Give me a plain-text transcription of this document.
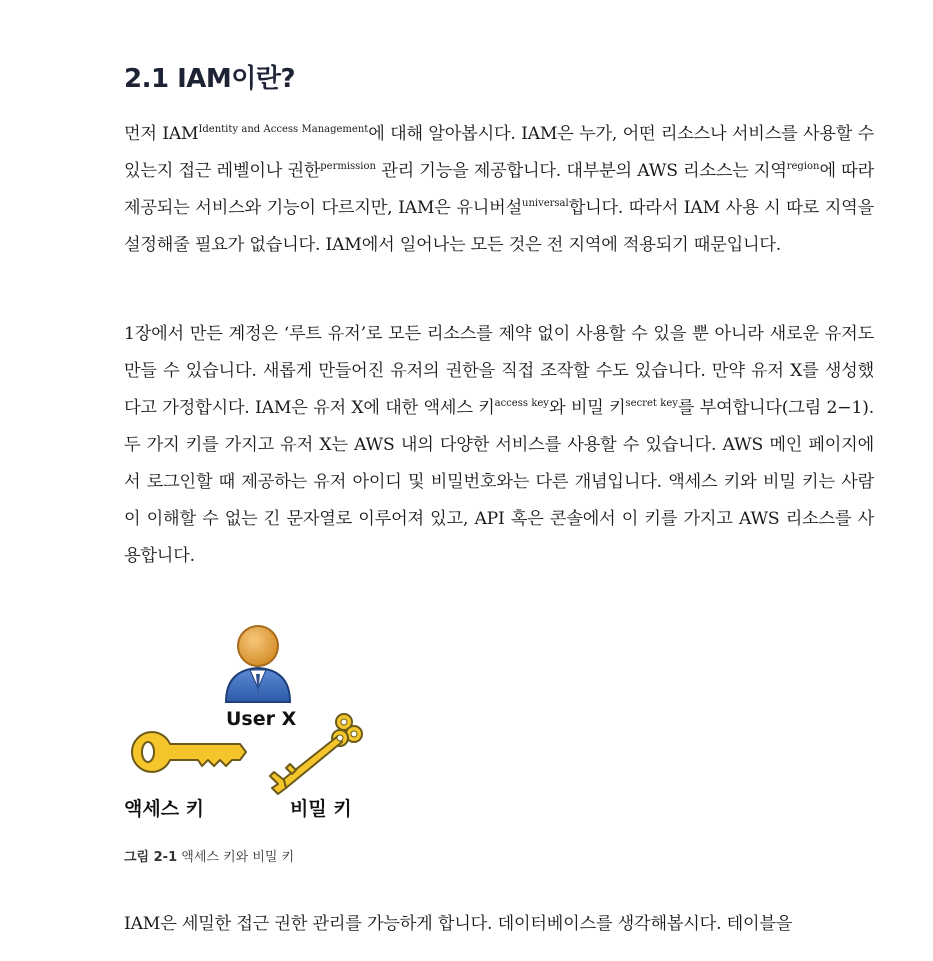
2.1 IAM이란?

먼저 $IAM^{Identity and Access Management}$에 대해 알아봅시다. IAM은 누가, 어떤 리소스나 서비스를 사용할 수 있는지 접근 레벨이나 권한$^{permission}$ 관리 기능을 제공합니다. 대부분의 AWS 리소스는 지역$^{region}$에 따라 제공되는 서비스와 기능이 다르지만, IAM은 유니버설$^{universal}$합니다. 따라서 IAM 사용 시 따로 지역을 설정해줄 필요가 없습니다. IAM에서 일어나는 모든 것은 전 지역에 적용되기 때문입니다.

1장에서 만든 계정은 ‘루트 유저’로 모든 리소스를 제약 없이 사용할 수 있을 뿐 아니라 새로운 유저도 만들 수 있습니다. 새롭게 만들어진 유저의 권한을 직접 조작할 수도 있습니다. 만약 유저 X를 생성했다고 가정합시다. IAM은 유저 X에 대한 액세스 키$^{access key}$와 비밀 키$^{secret key}$를 부여합니다(그림 2−1). 두 가지 키를 가지고 유저 X는 AWS 내의 다양한 서비스를 사용할 수 있습니다. AWS 메인 페이지에서 로그인할 때 제공하는 유저 아이디 및 비밀번호와는 다른 개념입니다. 액세스 키와 비밀 키는 사람이 이해할 수 없는 긴 문자열로 이루어져 있고, API 혹은 콘솔에서 이 키를 가지고 AWS 리소스를 사용합니다.

User X
액세스 키	비밀 키
그림 2-1 액세스 키와 비밀 키

IAM은 세밀한 접근 권한 관리를 가능하게 합니다. 데이터베이스를 생각해봅시다. 테이블을
